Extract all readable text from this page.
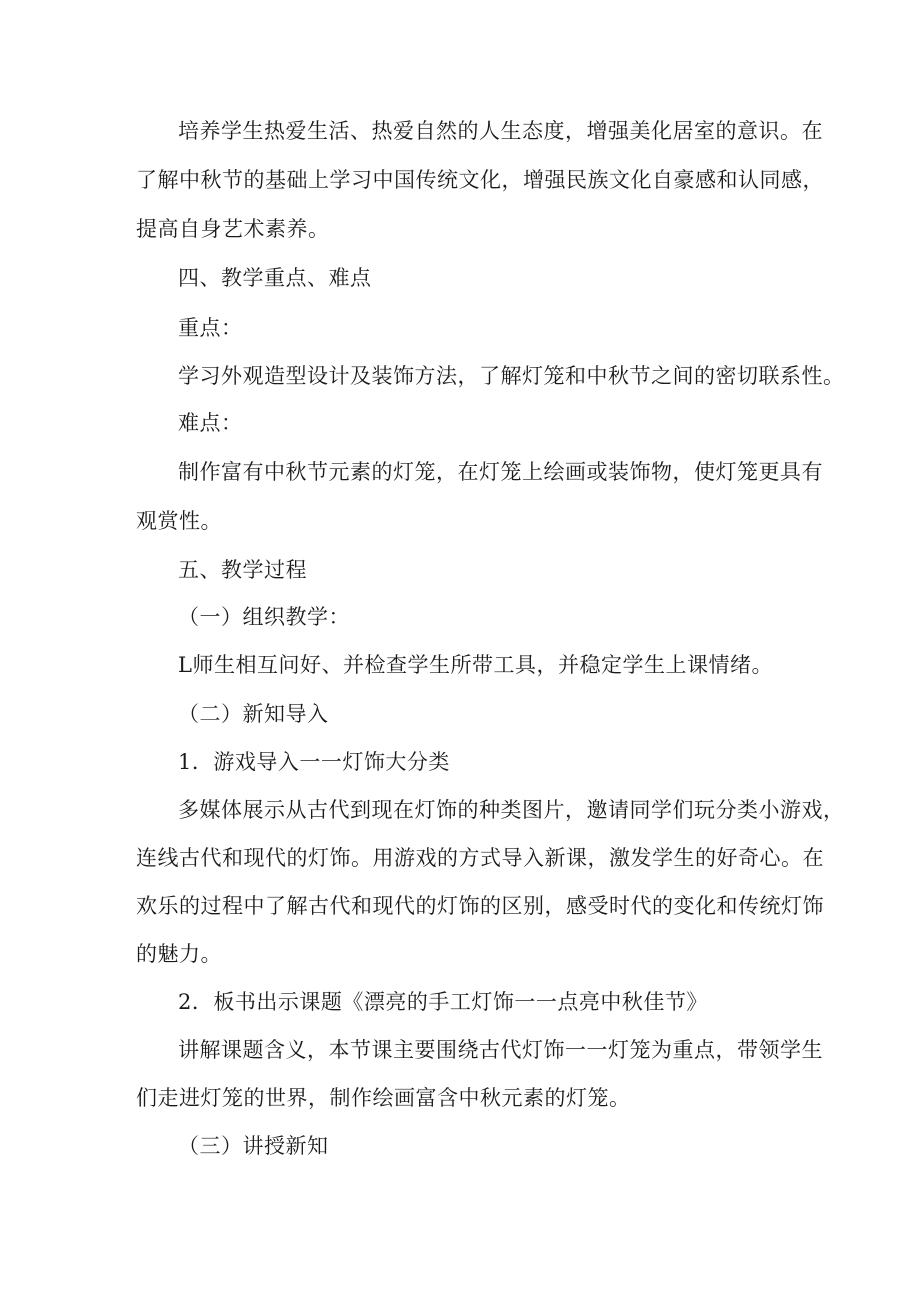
培养学生热爱生活、热爱自然的人生态度，增强美化居室的意识。在

了解中秋节的基础上学习中国传统文化，增强民族文化自豪感和认同感，

提高自身艺术素养。

四、教学重点、难点

重点：

学习外观造型设计及装饰方法，了解灯笼和中秋节之间的密切联系性。

难点：

制作富有中秋节元素的灯笼，在灯笼上绘画或装饰物，使灯笼更具有

观赏性。

五、教学过程

（一）组织教学：

L师生相互问好、并检查学生所带工具，并稳定学生上课情绪。

（二）新知导入

1．游戏导入一一灯饰大分类

多媒体展示从古代到现在灯饰的种类图片，邀请同学们玩分类小游戏，

连线古代和现代的灯饰。用游戏的方式导入新课，激发学生的好奇心。在

欢乐的过程中了解古代和现代的灯饰的区别，感受时代的变化和传统灯饰

的魅力。

2．板书出示课题《漂亮的手工灯饰一一点亮中秋佳节》

讲解课题含义，本节课主要围绕古代灯饰一一灯笼为重点，带领学生

们走进灯笼的世界，制作绘画富含中秋元素的灯笼。

（三）讲授新知
